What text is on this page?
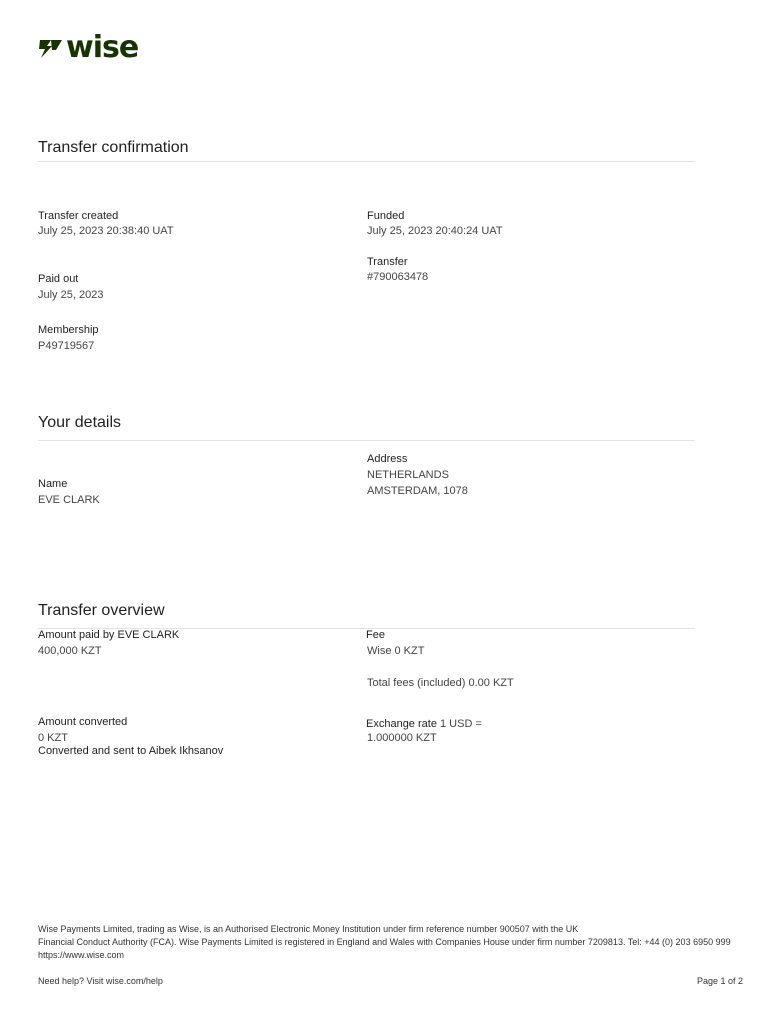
wise
Transfer confirmation
Transfer created
July 25, 2023 20:38:40 UAT
Funded
July 25, 2023 20:40:24 UAT
Transfer
#790063478
Paid out
July 25, 2023
Membership
P49719567
Your details
Address
NETHERLANDS
AMSTERDAM, 1078
Name
EVE CLARK
Transfer overview
Amount paid by EVE CLARK
400,000 KZT
Fee
Wise 0 KZT
Total fees (included) 0.00 KZT
Amount converted
0 KZT
Converted and sent to Aibek Ikhsanov
Exchange rate 1 USD =
1.000000 KZT
Wise Payments Limited, trading as Wise, is an Authorised Electronic Money Institution under firm reference number 900507 with the UK
Financial Conduct Authority (FCA). Wise Payments Limited is registered in England and Wales with Companies House under firm number 7209813. Tel: +44 (0) 203 6950 999
https://www.wise.com
Need help? Visit wise.com/help	Page 1 of 2
